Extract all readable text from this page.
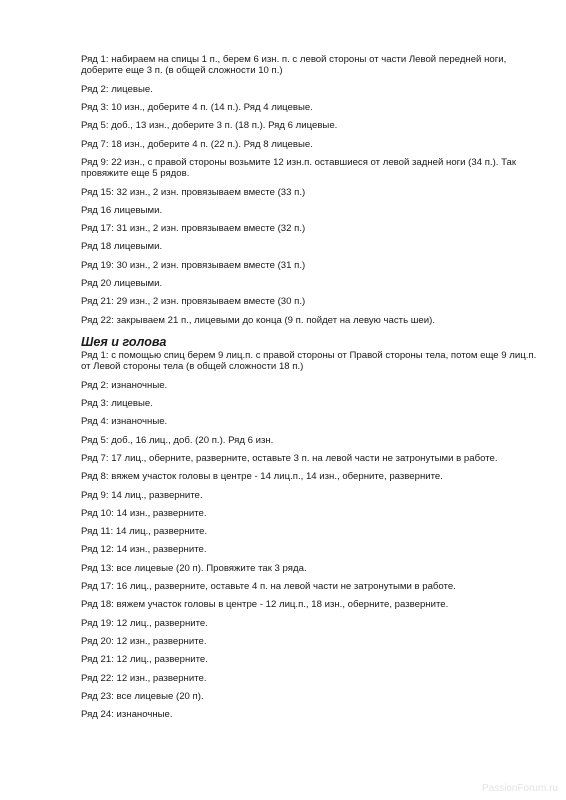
Ряд 1: набираем на спицы 1 п., берем 6 изн. п. с левой стороны от части Левой передней ноги, доберите еще 3 п. (в общей сложности 10 п.)

Ряд 2: лицевые.

Ряд 3: 10 изн., доберите 4 п. (14 п.). Ряд 4 лицевые.

Ряд 5: доб., 13 изн., доберите 3 п. (18 п.). Ряд 6 лицевые.

Ряд 7: 18 изн., доберите 4 п. (22 п.). Ряд 8 лицевые.

Ряд 9: 22 изн., с правой стороны возьмите 12 изн.п. оставшиеся от левой задней ноги (34 п.). Так провяжите еще 5 рядов.

Ряд 15: 32 изн., 2 изн. провязываем вместе (33 п.)

Ряд 16 лицевыми.

Ряд 17: 31 изн., 2 изн. провязываем вместе (32 п.)

Ряд 18 лицевыми.

Ряд 19: 30 изн., 2 изн. провязываем вместе (31 п.)

Ряд 20 лицевыми.

Ряд 21: 29 изн., 2 изн. провязываем вместе (30 п.)

Ряд 22: закрываем 21 п., лицевыми до конца (9 п. пойдет на левую часть шеи).

Шея и голова

Ряд 1: с помощью спиц берем 9 лиц.п. с правой стороны от Правой стороны тела, потом еще 9 лиц.п. от Левой стороны тела (в общей сложности 18 п.)

Ряд 2: изнаночные.

Ряд 3: лицевые.

Ряд 4: изнаночные.

Ряд 5: доб., 16 лиц., доб. (20 п.). Ряд 6 изн.

Ряд 7: 17 лиц., оберните, разверните, оставьте 3 п. на левой части не затронутыми в работе.

Ряд 8: вяжем участок головы в центре - 14 лиц.п., 14 изн., оберните, разверните.

Ряд 9: 14 лиц., разверните.

Ряд 10: 14 изн., разверните.

Ряд 11: 14 лиц., разверните.

Ряд 12: 14 изн., разверните.

Ряд 13: все лицевые (20 п). Провяжите так 3 ряда.

Ряд 17: 16 лиц., разверните, оставьте 4 п. на левой части не затронутыми в работе.

Ряд 18: вяжем участок головы в центре - 12 лиц.п., 18 изн., оберните, разверните.

Ряд 19: 12 лиц., разверните.

Ряд 20: 12 изн., разверните.

Ряд 21: 12 лиц., разверните.

Ряд 22: 12 изн., разверните.

Ряд 23: все лицевые (20 п).

Ряд 24: изнаночные.

PassionForum.ru
